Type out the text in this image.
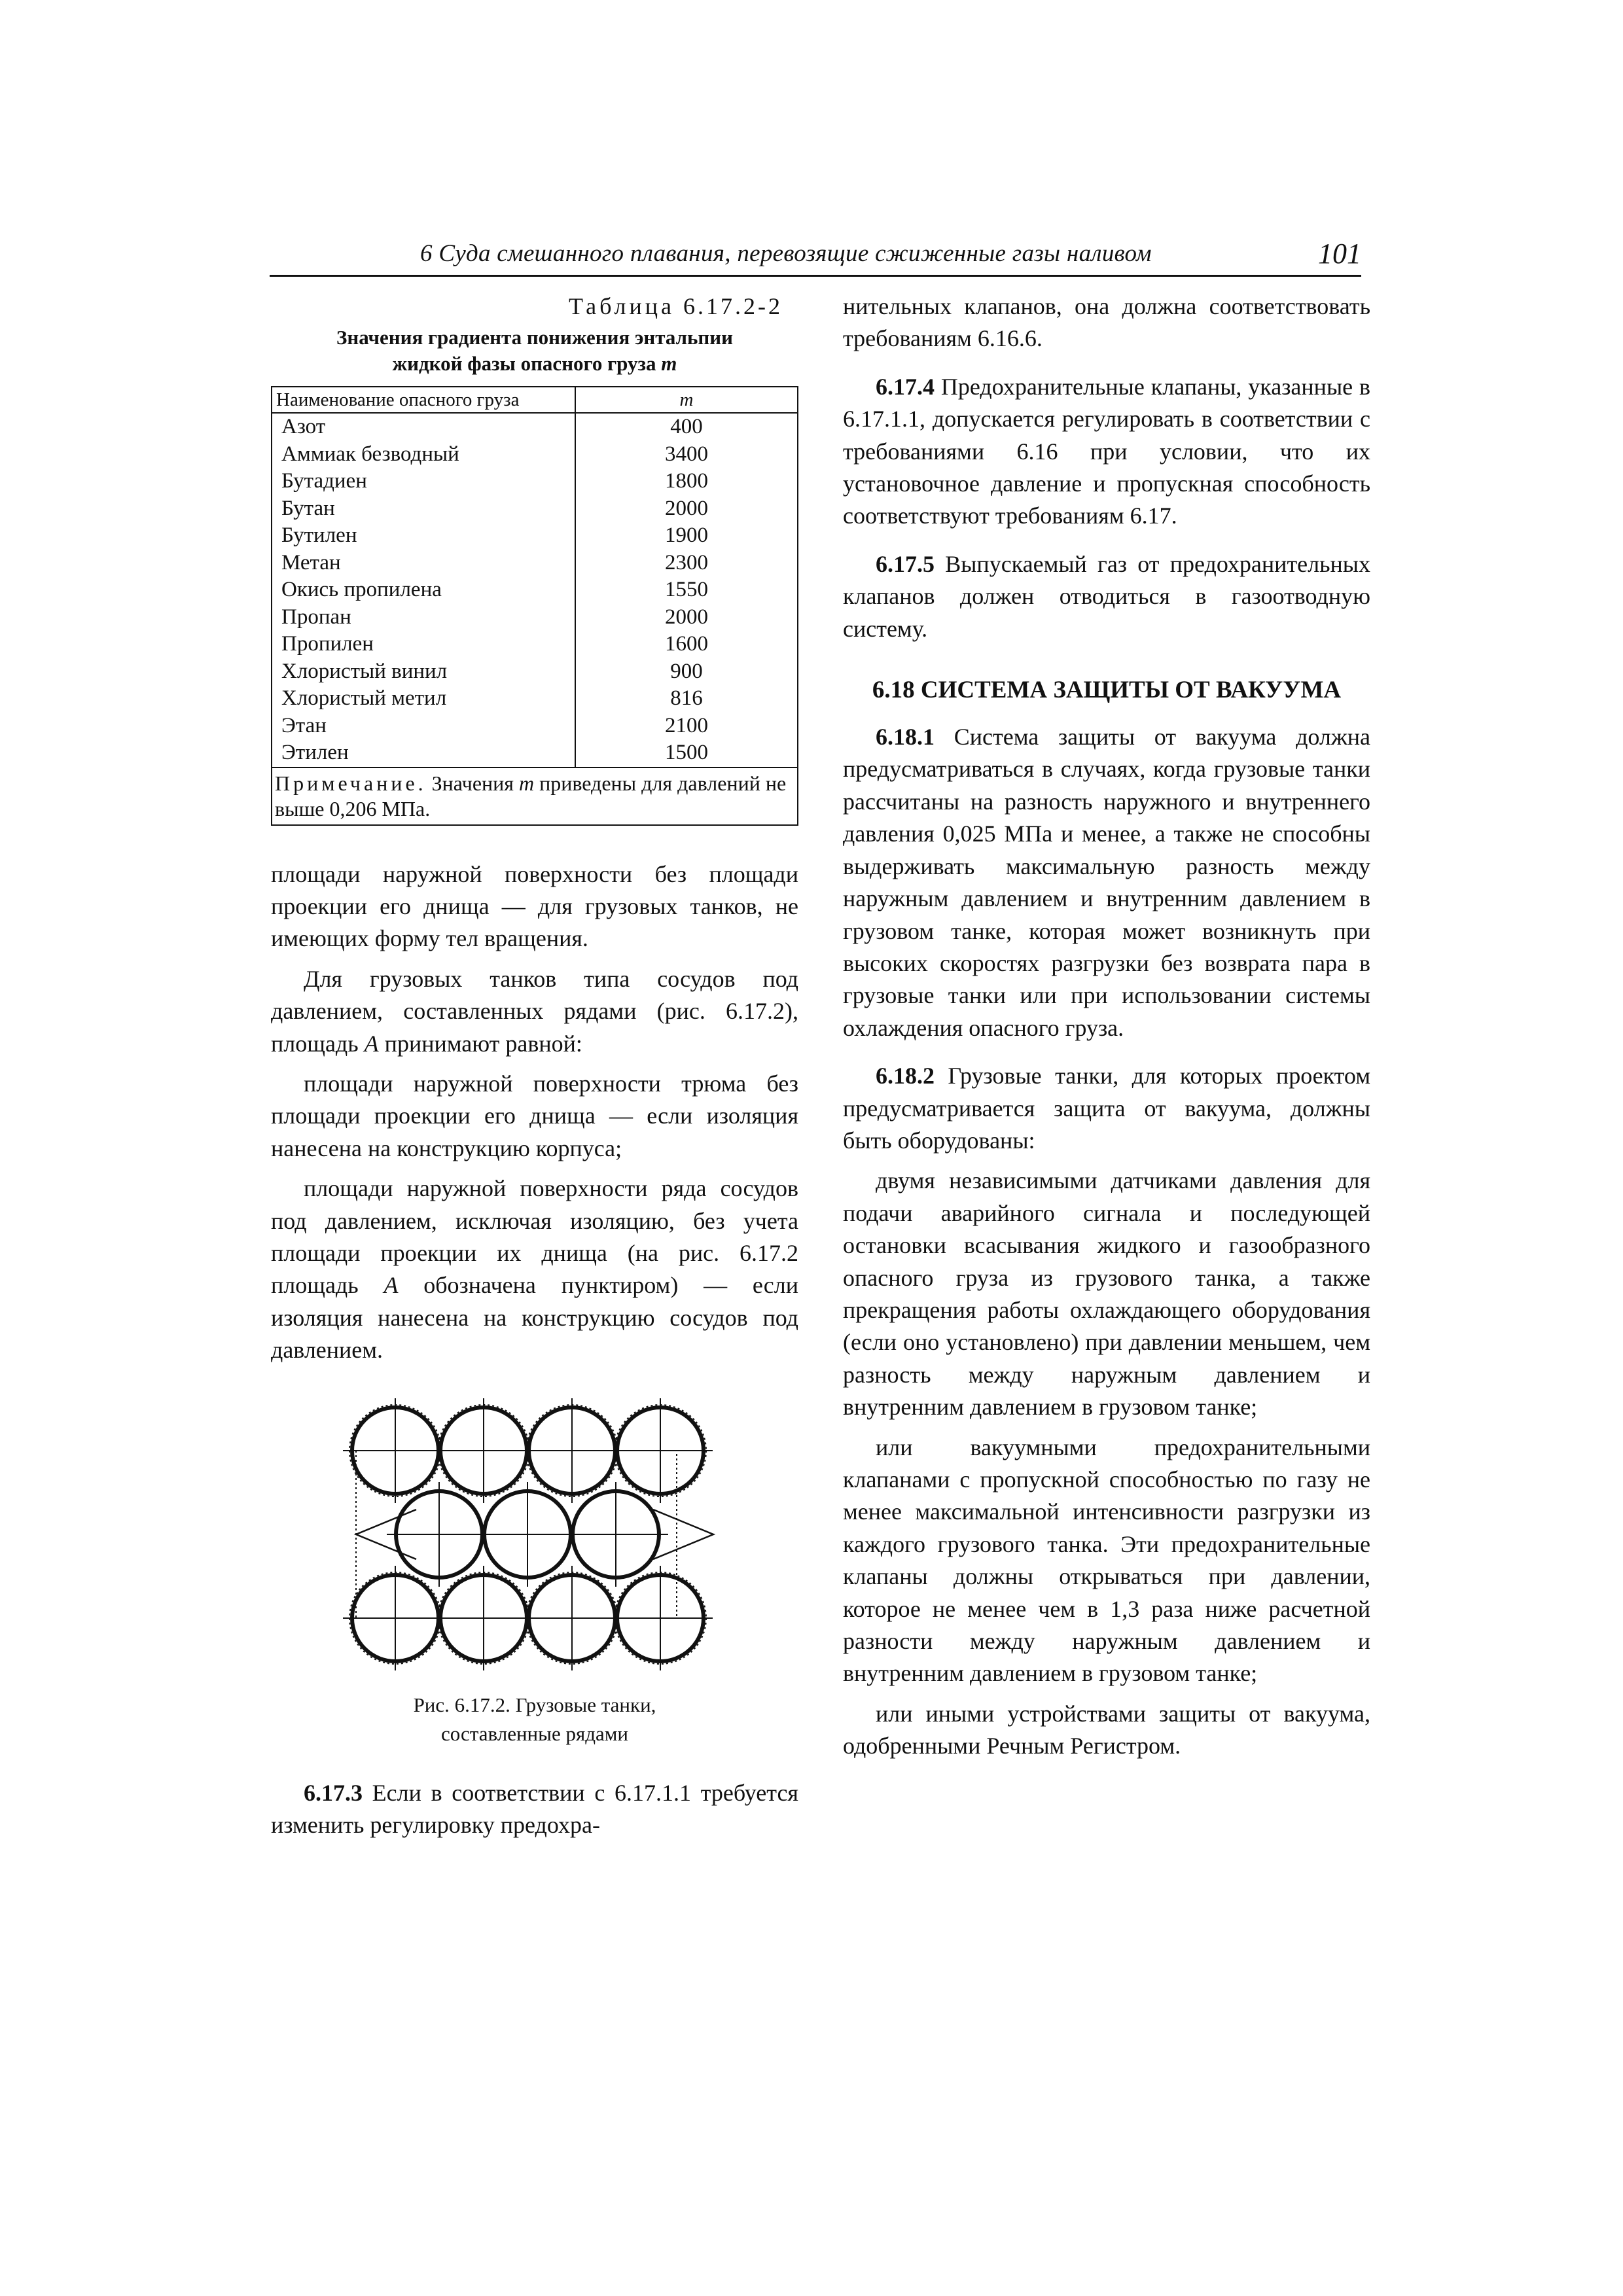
6 Суда смешанного плавания, перевозящие сжиженные газы наливом	101
Таблица 6.17.2-2
Значения градиента понижения энтальпии
жидкой фазы опасного груза m
Наименование опасного груза	m
Азот	400
Аммиак безводный	3400
Бутадиен	1800
Бутан	2000
Бутилен	1900
Метан	2300
Окись пропилена	1550
Пропан	2000
Пропилен	1600
Хлористый винил	900
Хлористый метил	816
Этан	2100
Этилен	1500
Примечание. Значения m приведены для давлений не выше 0,206 МПа.	

площади наружной поверхности без площади проекции его днища — для грузовых танков, не имеющих форму тел вращения.

Для грузовых танков типа сосудов под давлением, составленных рядами (рис. 6.17.2), площадь A принимают равной:

площади наружной поверхности трюма без площади проекции его днища — если изоляция нанесена на конструкцию корпуса;

площади наружной поверхности ряда сосудов под давлением, исключая изоляцию, без учета площади проекции их днища (на рис. 6.17.2 площадь A обозначена пунктиром) — если изоляция нанесена на конструкцию сосудов под давлением.

Рис. 6.17.2. Грузовые танки,
составленные рядами

6.17.3 Если в соответствии с 6.17.1.1 требуется изменить регулировку предохра-

нительных клапанов, она должна соответствовать требованиям 6.16.6.

6.17.4 Предохранительные клапаны, указанные в 6.17.1.1, допускается регулировать в соответствии с требованиями 6.16 при условии, что их установочное давление и пропускная способность соответствуют требованиям 6.17.

6.17.5 Выпускаемый газ от предохранительных клапанов должен отводиться в газоотводную систему.

6.18 СИСТЕМА ЗАЩИТЫ ОТ ВАКУУМА

6.18.1 Система защиты от вакуума должна предусматриваться в случаях, когда грузовые танки рассчитаны на разность наружного и внутреннего давления 0,025 МПа и менее, а также не способны выдерживать максимальную разность между наружным давлением и внутренним давлением в грузовом танке, которая может возникнуть при высоких скоростях разгрузки без возврата пара в грузовые танки или при использовании системы охлаждения опасного груза.

6.18.2 Грузовые танки, для которых проектом предусматривается защита от вакуума, должны быть оборудованы:

двумя независимыми датчиками давления для подачи аварийного сигнала и последующей остановки всасывания жидкого и газообразного опасного груза из грузового танка, а также прекращения работы охлаждающего оборудования (если оно установлено) при давлении меньшем, чем разность между наружным давлением и внутренним давлением в грузовом танке;

или вакуумными предохранительными клапанами с пропускной способностью по газу не менее максимальной интенсивности разгрузки из каждого грузового танка. Эти предохранительные клапаны должны открываться при давлении, которое не менее чем в 1,3 раза ниже расчетной разности между наружным давлением и внутренним давлением в грузовом танке;

или иными устройствами защиты от вакуума, одобренными Речным Регистром.
